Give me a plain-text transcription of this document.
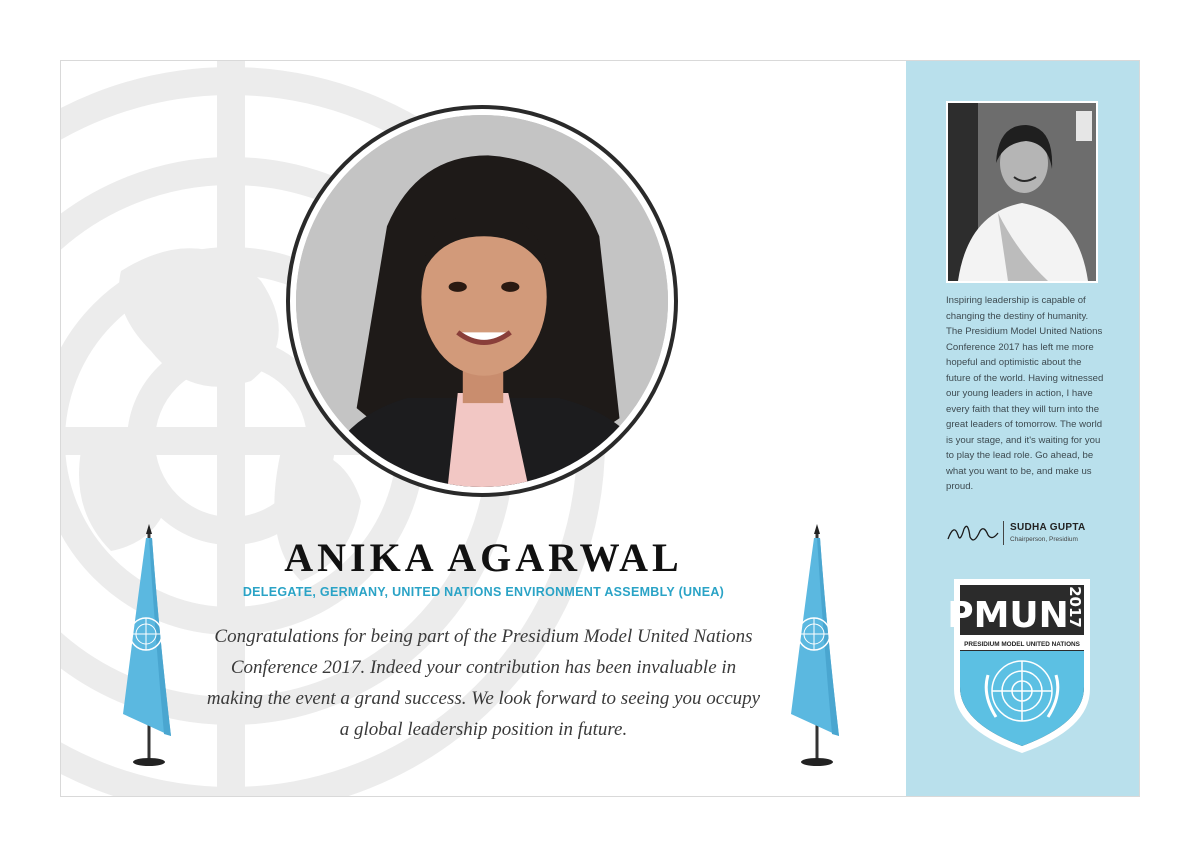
ANIKA AGARWAL
DELEGATE, GERMANY, UNITED NATIONS ENVIRONMENT ASSEMBLY (UNEA)
Congratulations for being part of the Presidium Model United Nations Conference 2017. Indeed your contribution has been invaluable in making the event a grand success. We look forward to seeing you occupy a global leadership position in future.
Inspiring leadership is capable of changing the destiny of humanity. The Presidium Model United Nations Conference 2017 has left me more hopeful and optimistic about the future of the world. Having witnessed our young leaders in action, I have every faith that they will turn into the great leaders of tomorrow. The world is your stage, and it's waiting for you to play the lead role. Go ahead, be what you want to be, and make us proud.
SUDHA GUPTA
Chairperson, Presidium
PMUN
2017
PRESIDIUM MODEL UNITED NATIONS
